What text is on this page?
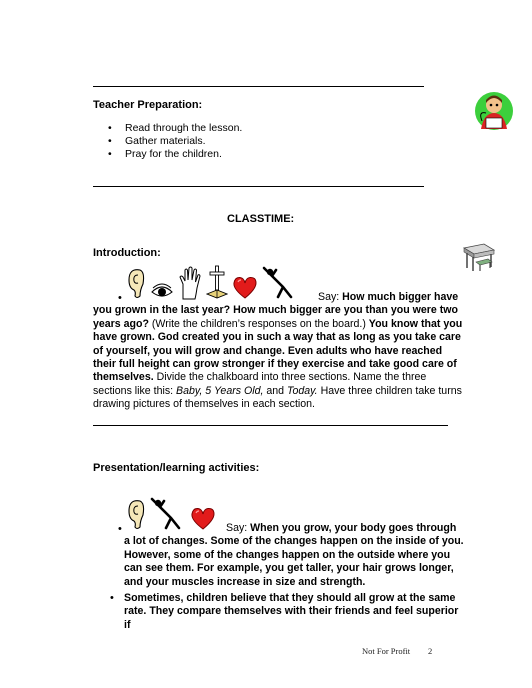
Teacher Preparation:
• Read through the lesson.
• Gather materials.
• Pray for the children.
CLASSTIME:
Introduction:
•	Say: How much bigger have you grown in the last year? How much bigger are you than you were two years ago? (Write the children’s responses on the board.) You know that you have grown. God created you in such a way that as long as you take care of yourself, you will grow and change. Even adults who have reached their full height can grow stronger if they exercise and take good care of themselves. Divide the chalkboard into three sections. Name the three sections like this: Baby, 5 Years Old, and Today. Have three children take turns drawing pictures of themselves in each section.
Presentation/learning activities:
•	Say: When you grow, your body goes through a lot of changes. Some of the changes happen on the inside of you. However, some of the changes happen on the outside where you can see them. For example, you get taller, your hair grows longer, and your muscles increase in size and strength.
• Sometimes, children believe that they should all grow at the same rate. They compare themselves with their friends and feel superior if
Not For Profit 2
